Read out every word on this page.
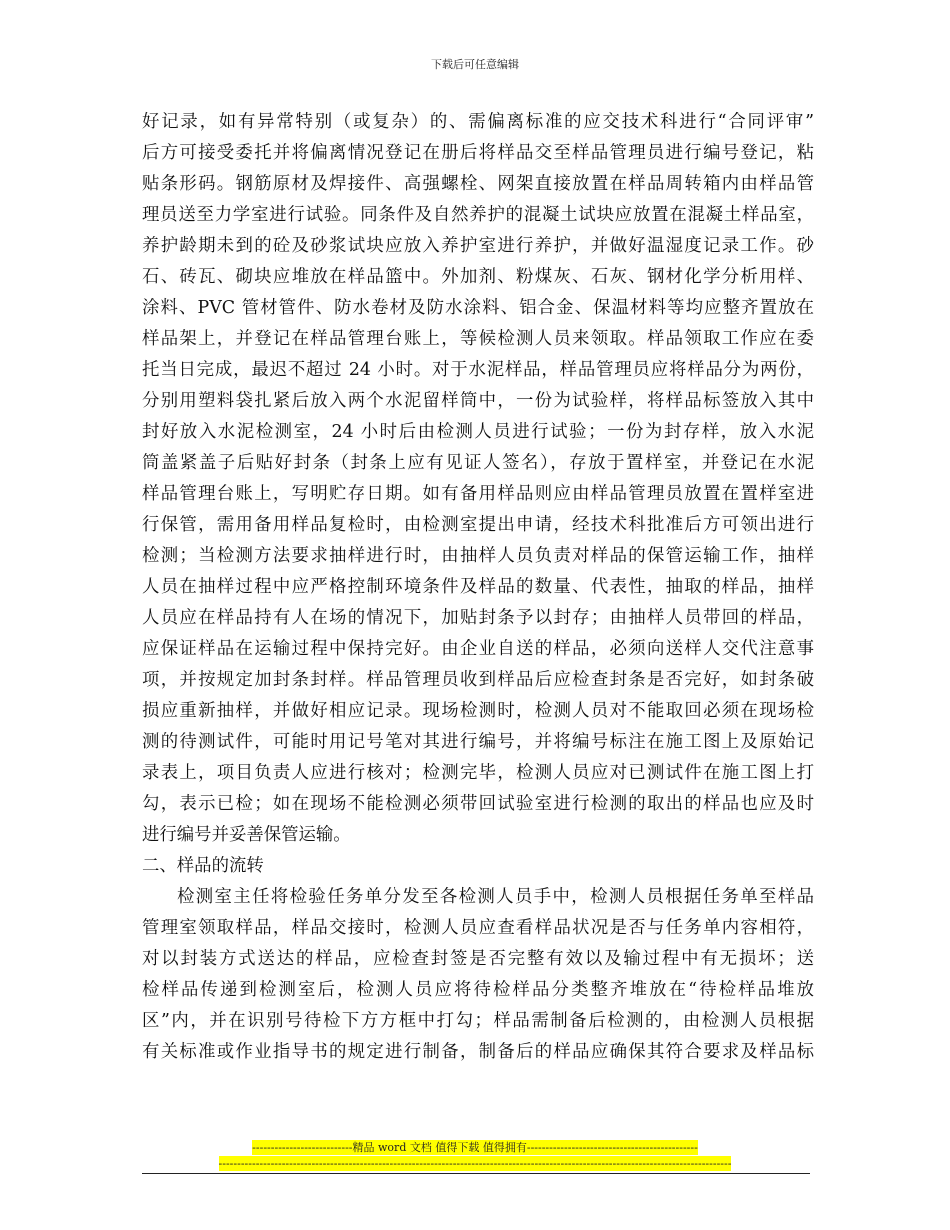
下载后可任意编辑
好记录，如有异常特别（或复杂）的、需偏离标准的应交技术科进行“合同评审”
后方可接受委托并将偏离情况登记在册后将样品交至样品管理员进行编号登记，粘
贴条形码。钢筋原材及焊接件、高强螺栓、网架直接放置在样品周转箱内由样品管
理员送至力学室进行试验。同条件及自然养护的混凝土试块应放置在混凝土样品室，
养护龄期未到的砼及砂浆试块应放入养护室进行养护，并做好温湿度记录工作。砂
石、砖瓦、砌块应堆放在样品篮中。外加剂、粉煤灰、石灰、钢材化学分析用样、
涂料、PVC 管材管件、防水卷材及防水涂料、铝合金、保温材料等均应整齐置放在
样品架上，并登记在样品管理台账上，等候检测人员来领取。样品领取工作应在委
托当日完成，最迟不超过 24 小时。对于水泥样品，样品管理员应将样品分为两份，
分别用塑料袋扎紧后放入两个水泥留样筒中，一份为试验样，将样品标签放入其中
封好放入水泥检测室，24 小时后由检测人员进行试验；一份为封存样，放入水泥
筒盖紧盖子后贴好封条（封条上应有见证人签名），存放于置样室，并登记在水泥
样品管理台账上，写明贮存日期。如有备用样品则应由样品管理员放置在置样室进
行保管，需用备用样品复检时，由检测室提出申请，经技术科批准后方可领出进行
检测；当检测方法要求抽样进行时，由抽样人员负责对样品的保管运输工作，抽样
人员在抽样过程中应严格控制环境条件及样品的数量、代表性，抽取的样品，抽样
人员应在样品持有人在场的情况下，加贴封条予以封存；由抽样人员带回的样品，
应保证样品在运输过程中保持完好。由企业自送的样品，必须向送样人交代注意事
项，并按规定加封条封样。样品管理员收到样品后应检查封条是否完好，如封条破
损应重新抽样，并做好相应记录。现场检测时，检测人员对不能取回必须在现场检
测的待测试件，可能时用记号笔对其进行编号，并将编号标注在施工图上及原始记
录表上，项目负责人应进行核对；检测完毕，检测人员应对已测试件在施工图上打
勾，表示已检；如在现场不能检测必须带回试验室进行检测的取出的样品也应及时
进行编号并妥善保管运输。
二、样品的流转
检测室主任将检验任务单分发至各检测人员手中，检测人员根据任务单至样品
管理室领取样品，样品交接时，检测人员应查看样品状况是否与任务单内容相符，
对以封装方式送达的样品，应检查封签是否完整有效以及输过程中有无损坏；送
检样品传递到检测室后，检测人员应将待检样品分类整齐堆放在“待检样品堆放
区”内，并在识别号待检下方方框中打勾；样品需制备后检测的，由检测人员根据
有关标准或作业指导书的规定进行制备，制备后的样品应确保其符合要求及样品标
---------------------------精品 word 文档 值得下载 值得拥有----------------------------------------------
------------------------------------------------------------------------------------------------------------------------------------------
